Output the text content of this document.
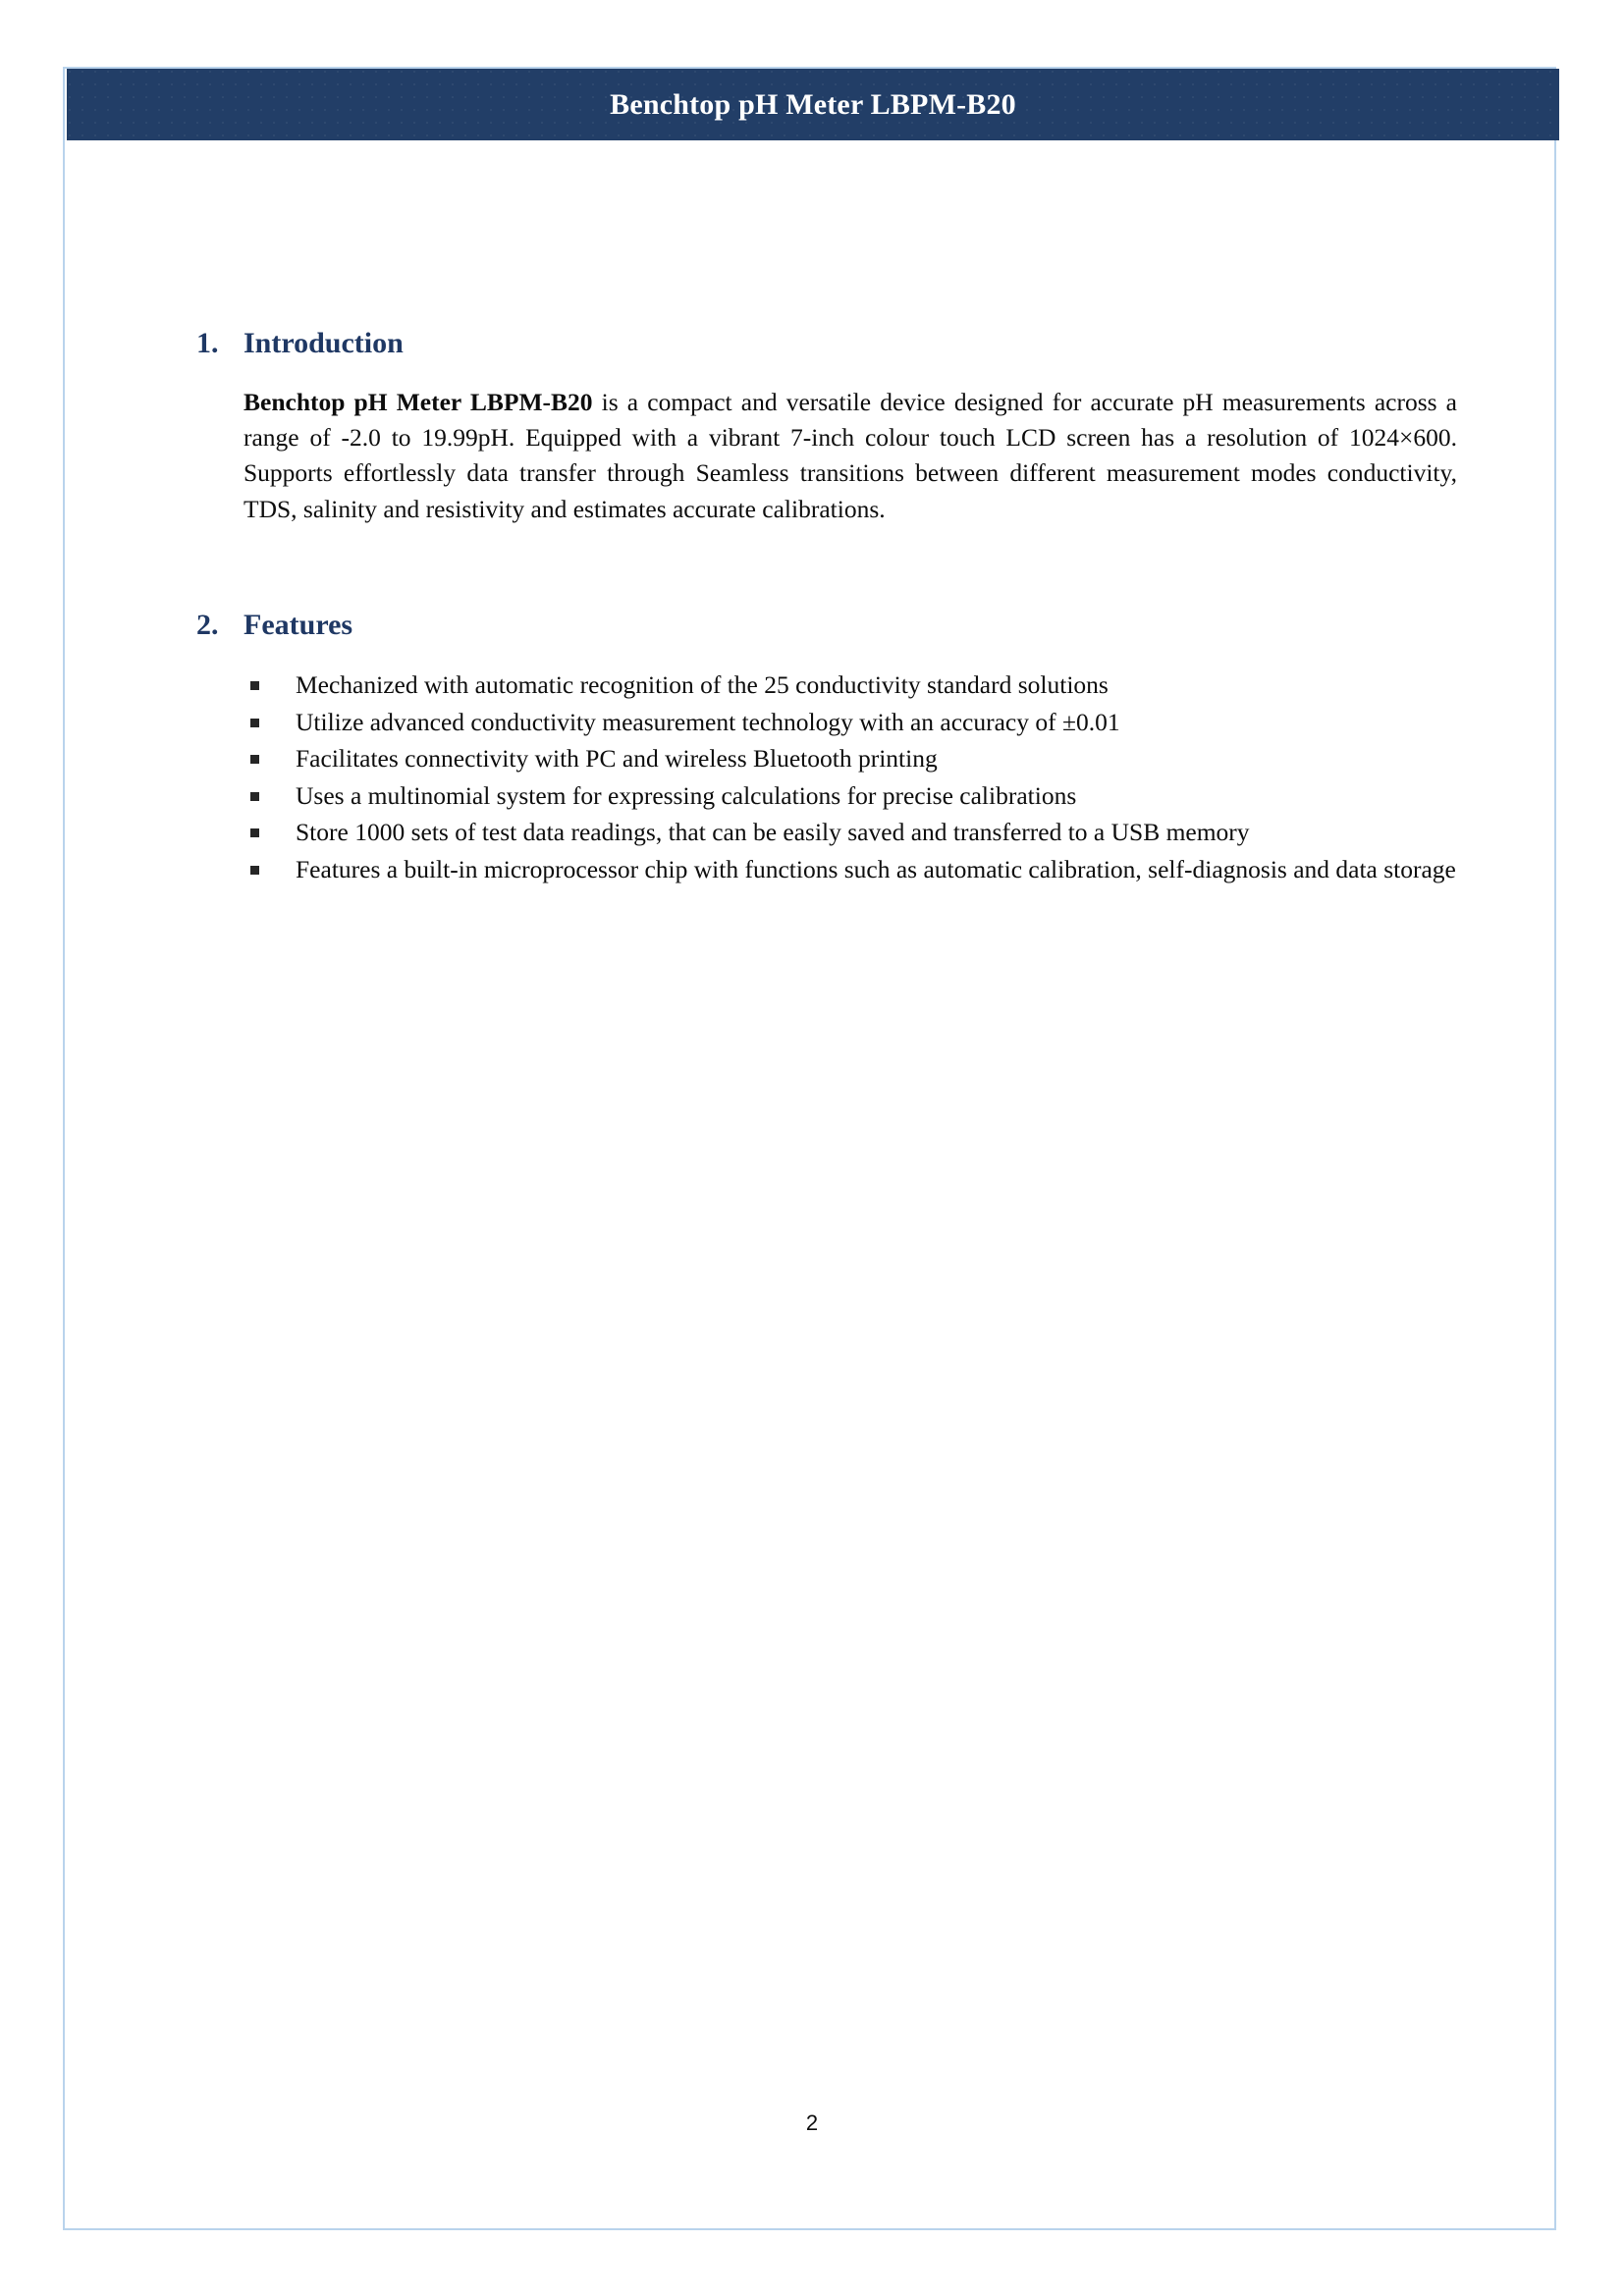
Benchtop pH Meter LBPM-B20
1. Introduction

Benchtop pH Meter LBPM-B20 is a compact and versatile device designed for accurate pH measurements across a range of -2.0 to 19.99pH. Equipped with a vibrant 7-inch colour touch LCD screen has a resolution of 1024×600. Supports effortlessly data transfer through Seamless transitions between different measurement modes conductivity, TDS, salinity and resistivity and estimates accurate calibrations.

2. Features
Mechanized with automatic recognition of the 25 conductivity standard solutions
Utilize advanced conductivity measurement technology with an accuracy of ±0.01
Facilitates connectivity with PC and wireless Bluetooth printing
Uses a multinomial system for expressing calculations for precise calibrations
Store 1000 sets of test data readings, that can be easily saved and transferred to a USB memory
Features a built-in microprocessor chip with functions such as automatic calibration, self-diagnosis and data storage
2
